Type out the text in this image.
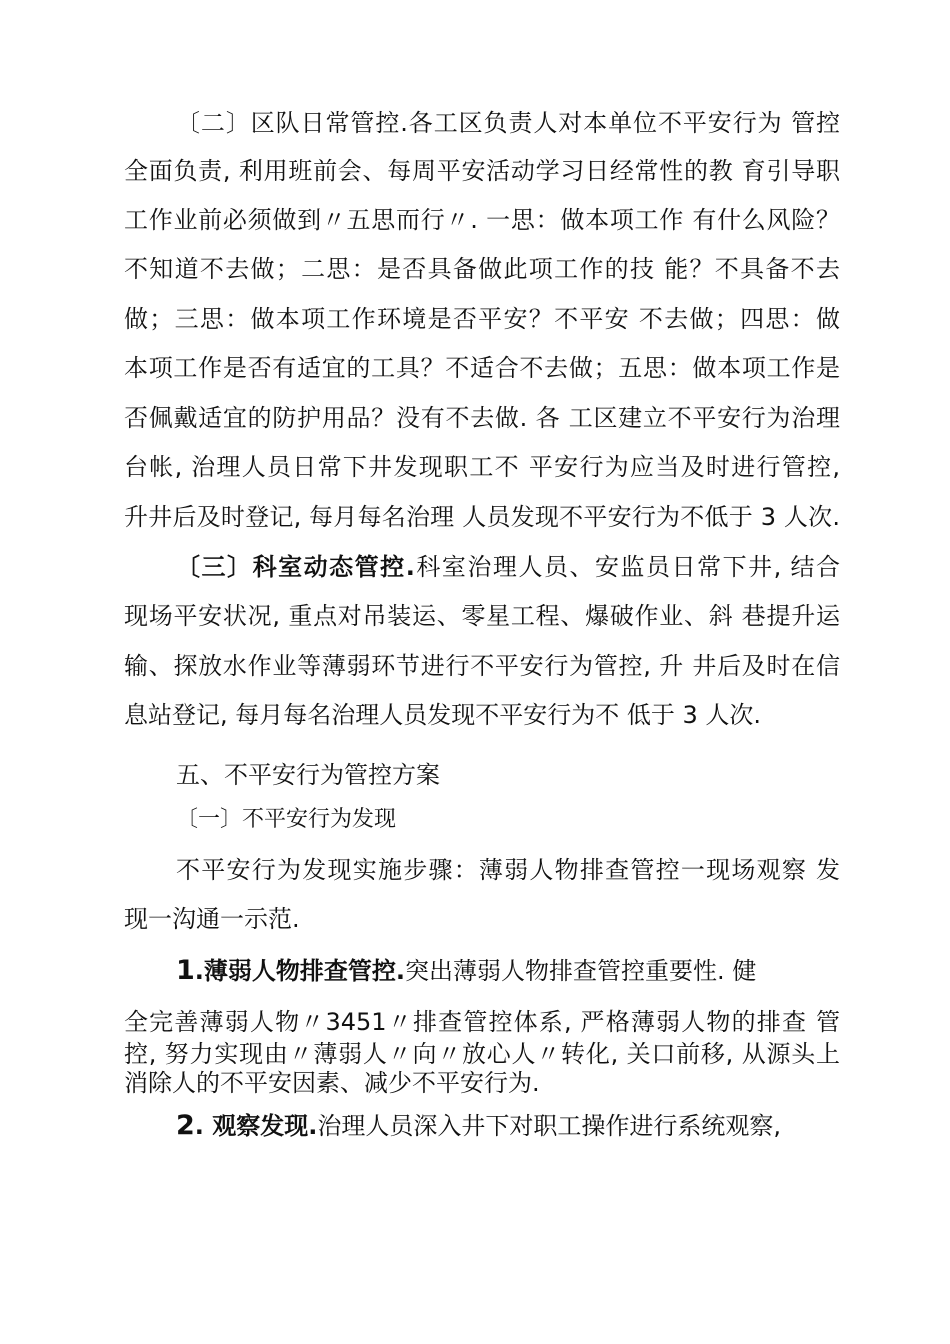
〔二〕区队日常管控.各工区负责人对本单位不平安行为 管控
全面负责, 利用班前会、每周平安活动学习日经常性的教 育引导职
工作业前必须做到〃五思而行〃. 一思：做本项工作 有什么风险？
不知道不去做；二思：是否具备做此项工作的技 能？不具备不去
做；三思：做本项工作环境是否平安？不平安 不去做；四思：做
本项工作是否有适宜的工具？不适合不去做；五思：做本项工作是
否佩戴适宜的防护用品？没有不去做. 各 工区建立不平安行为治理
台帐, 治理人员日常下井发现职工不 平安行为应当及时进行管控,
升井后及时登记, 每月每名治理 人员发现不平安行为不低于 3 人次.
〔三〕科室动态管控.科室治理人员、安监员日常下井, 结合
现场平安状况, 重点对吊装运、零星工程、爆破作业、斜 巷提升运
输、探放水作业等薄弱环节进行不平安行为管控, 升 井后及时在信
息站登记, 每月每名治理人员发现不平安行为不 低于 3 人次.
五、不平安行为管控方案
〔一〕不平安行为发现
不平安行为发现实施步骤：薄弱人物排查管控一现场观察 发
现一沟通一示范.
1.薄弱人物排查管控.突出薄弱人物排查管控重要性. 健
全完善薄弱人物〃3451〃排查管控体系, 严格薄弱人物的排查 管
控, 努力实现由〃薄弱人〃向〃放心人〃转化, 关口前移, 从源头上
消除人的不平安因素、减少不平安行为.
2. 观察发现.治理人员深入井下对职工操作进行系统观察,
